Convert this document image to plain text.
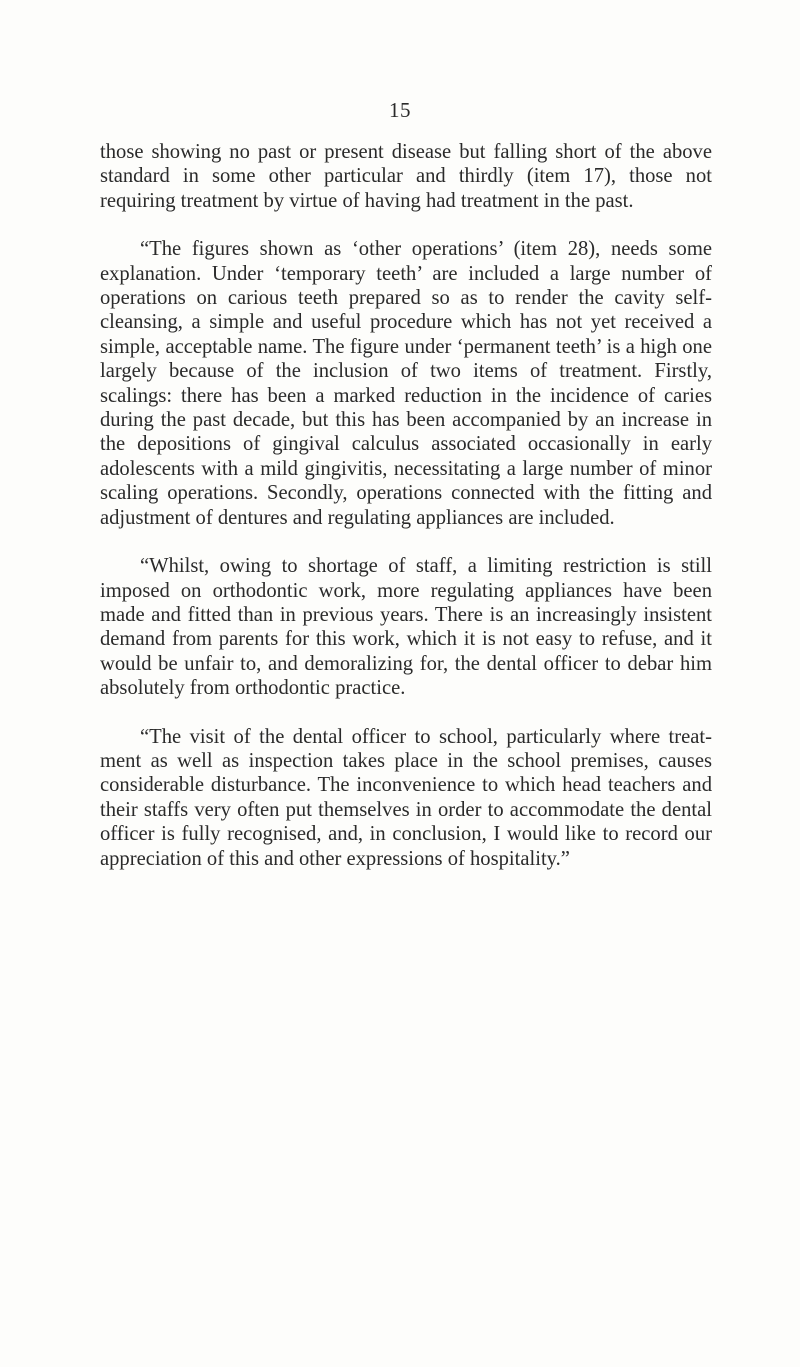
15

those showing no past or present disease but falling short of the above standard in some other particular and thirdly (item 17), those not requiring treatment by virtue of having had treatment in the past.

“The figures shown as ‘other operations’ (item 28), needs some explanation. Under ‘temporary teeth’ are included a large number of operations on carious teeth prepared so as to render the cavity self-cleansing, a simple and useful procedure which has not yet received a simple, acceptable name. The figure under ‘permanent teeth’ is a high one largely because of the inclusion of two items of treatment. Firstly, scalings: there has been a marked reduction in the incidence of caries during the past decade, but this has been accompanied by an increase in the depositions of gingival calculus associated occasionally in early adolescents with a mild gingivitis, necessitating a large number of minor scaling operations. Secondly, operations connected with the fitting and adjustment of dentures and regulating appliances are included.

“Whilst, owing to shortage of staff, a limiting restriction is still imposed on orthodontic work, more regulating appliances have been made and fitted than in previous years. There is an increasingly insistent demand from parents for this work, which it is not easy to refuse, and it would be unfair to, and demoralizing for, the dental officer to debar him absolutely from orthodontic practice.

“The visit of the dental officer to school, particularly where treat-ment as well as inspection takes place in the school premises, causes considerable disturbance. The inconvenience to which head teachers and their staffs very often put themselves in order to accommodate the dental officer is fully recognised, and, in conclusion, I would like to record our appreciation of this and other expressions of hospitality.”
